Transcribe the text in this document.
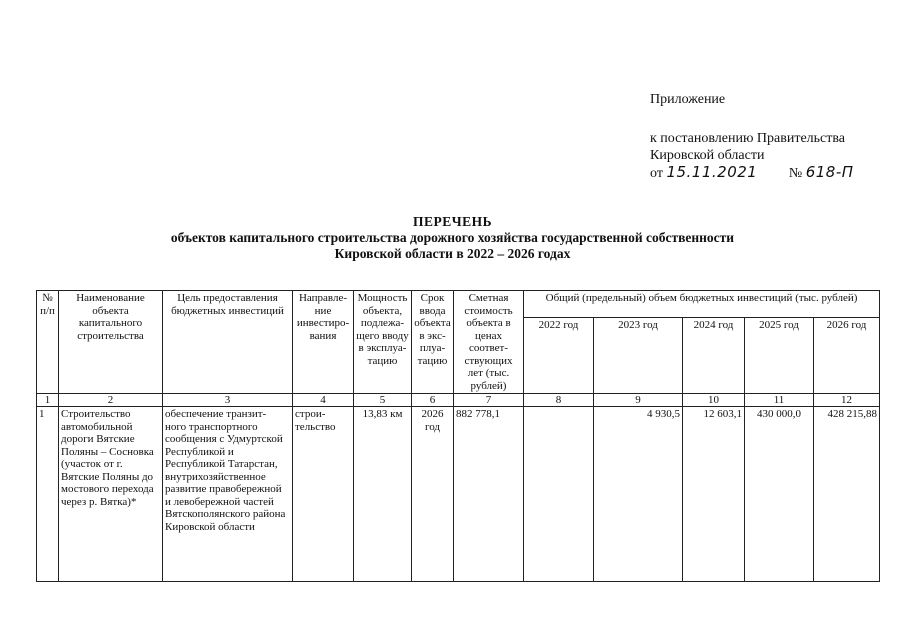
Приложение
к постановлению Правительства
Кировской области
от 15.11.2021 № 618-П
ПЕРЕЧЕНЬ
объектов капитального строительства дорожного хозяйства государственной собственности
Кировской области в 2022 – 2026 годах
№ п/п	Наименование объекта капитального строительства	Цель предоставления бюджетных инвестиций	Направле- ние инвестиро- вания	Мощность объекта, подлежа- щего вводу в эксплуа- тацию	Срок ввода объекта в экс- плуа- тацию	Сметная стоимость объекта в ценах соответ- ствующих лет (тыс. рублей)	Общий (предельный) объем бюджетных инвестиций (тыс. рублей)				
							2022 год	2023 год	2024 год	2025 год	2026 год
1	2	3	4	5	6	7	8	9	10	11	12
1	Строительство автомобильной дороги Вятские Поляны – Сосновка (участок от г. Вятские Поляны до мостового перехода через р. Вятка)*	обеспечение транзит- ного транспортного сообщения с Удмуртской Республикой и Республикой Татарстан, внутрихозяйственное развитие правобережной и левобережной частей Вятскополянского района Кировской области	строи- тельство	13,83 км	2026 год	882 778,1		4 930,5	12 603,1	430 000,0	428 215,88
